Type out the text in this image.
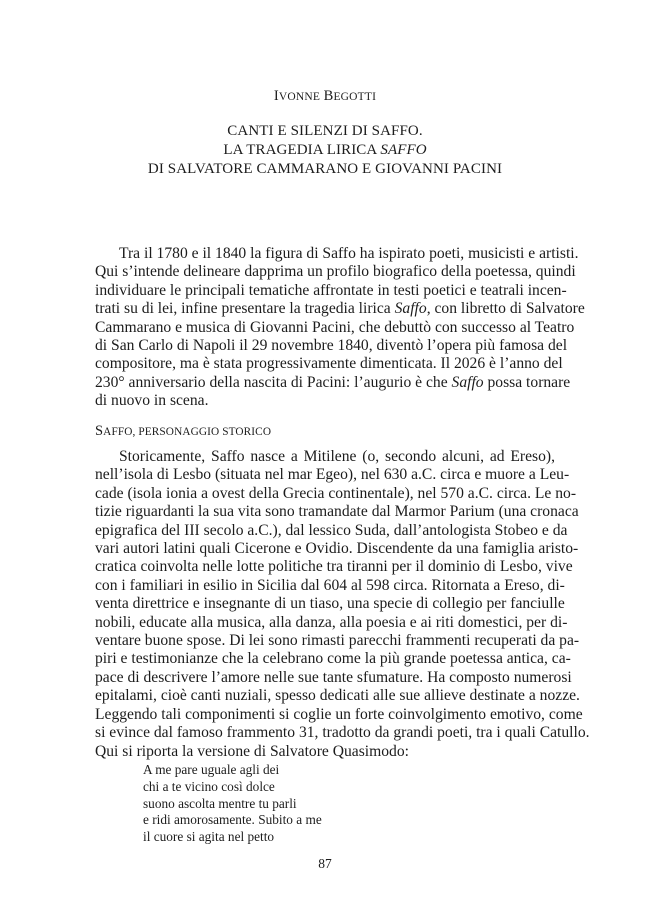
IVONNE BEGOTTI
CANTI E SILENZI DI SAFFO.
LA TRAGEDIA LIRICA SAFFO
DI SALVATORE CAMMARANO E GIOVANNI PACINI
Tra il 1780 e il 1840 la figura di Saffo ha ispirato poeti, musicisti e artisti.
Qui s’intende delineare dapprima un profilo biografico della poetessa, quindi
individuare le principali tematiche affrontate in testi poetici e teatrali incen-
trati su di lei, infine presentare la tragedia lirica Saffo, con libretto di Salvatore
Cammarano e musica di Giovanni Pacini, che debuttò con successo al Teatro
di San Carlo di Napoli il 29 novembre 1840, diventò l’opera più famosa del
compositore, ma è stata progressivamente dimenticata. Il 2026 è l’anno del
230° anniversario della nascita di Pacini: l’augurio è che Saffo possa tornare
di nuovo in scena.
SAFFO, PERSONAGGIO STORICO
Storicamente, Saffo nasce a Mitilene (o, secondo alcuni, ad Ereso),
nell’isola di Lesbo (situata nel mar Egeo), nel 630 a.C. circa e muore a Leu-
cade (isola ionia a ovest della Grecia continentale), nel 570 a.C. circa. Le no-
tizie riguardanti la sua vita sono tramandate dal Marmor Parium (una cronaca
epigrafica del III secolo a.C.), dal lessico Suda, dall’antologista Stobeo e da
vari autori latini quali Cicerone e Ovidio. Discendente da una famiglia aristo-
cratica coinvolta nelle lotte politiche tra tiranni per il dominio di Lesbo, vive
con i familiari in esilio in Sicilia dal 604 al 598 circa. Ritornata a Ereso, di-
venta direttrice e insegnante di un tiaso, una specie di collegio per fanciulle
nobili, educate alla musica, alla danza, alla poesia e ai riti domestici, per di-
ventare buone spose. Di lei sono rimasti parecchi frammenti recuperati da pa-
piri e testimonianze che la celebrano come la più grande poetessa antica, ca-
pace di descrivere l’amore nelle sue tante sfumature. Ha composto numerosi
epitalami, cioè canti nuziali, spesso dedicati alle sue allieve destinate a nozze.
Leggendo tali componimenti si coglie un forte coinvolgimento emotivo, come
si evince dal famoso frammento 31, tradotto da grandi poeti, tra i quali Catullo.
Qui si riporta la versione di Salvatore Quasimodo:
A me pare uguale agli dei
chi a te vicino così dolce
suono ascolta mentre tu parli
e ridi amorosamente. Subito a me
il cuore si agita nel petto
87
